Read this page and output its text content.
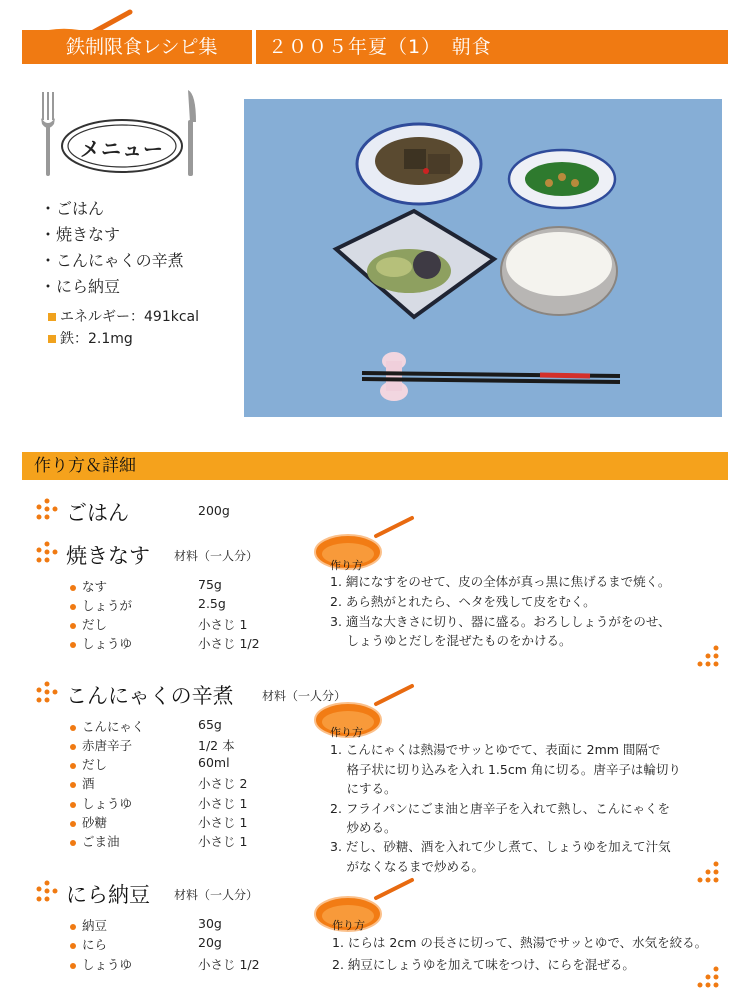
鉄制限食レシピ集	２００５年夏（1）　朝食
メニュー
・ごはん
・焼きなす
・こんにゃくの辛煮
・にら納豆
エネルギー：491kcal
鉄：2.1mg
作り方＆詳細
ごはん	200g
焼きなす 材料（一人分）
なす	75g
しょうが	2.5g
だし	小さじ 1
しょうゆ	小さじ 1/2
作り方
1. 網になすをのせて、皮の全体が真っ黒に焦げるまで焼く。
2. あら熱がとれたら、ヘタを残して皮をむく。
3. 適当な大きさに切り、器に盛る。おろししょうがをのせ、
　 しょうゆとだしを混ぜたものをかける。
こんにゃくの辛煮 材料（一人分）
こんにゃく	65g
赤唐辛子	1/2 本
だし	60ml
酒	小さじ 2
しょうゆ	小さじ 1
砂糖	小さじ 1
ごま油	小さじ 1
作り方
1. こんにゃくは熱湯でサッとゆでて、表面に 2mm 間隔で
　 格子状に切り込みを入れ 1.5cm 角に切る。唐辛子は輪切り
　 にする。
2. フライパンにごま油と唐辛子を入れて熱し、こんにゃくを
　 炒める。
3. だし、砂糖、酒を入れて少し煮て、しょうゆを加えて汁気
　 がなくなるまで炒める。
にら納豆 材料（一人分）
納豆	30g
にら	20g
しょうゆ	小さじ 1/2
作り方
1. にらは 2cm の長さに切って、熱湯でサッとゆで、水気を絞る。
2. 納豆にしょうゆを加えて味をつけ、にらを混ぜる。
